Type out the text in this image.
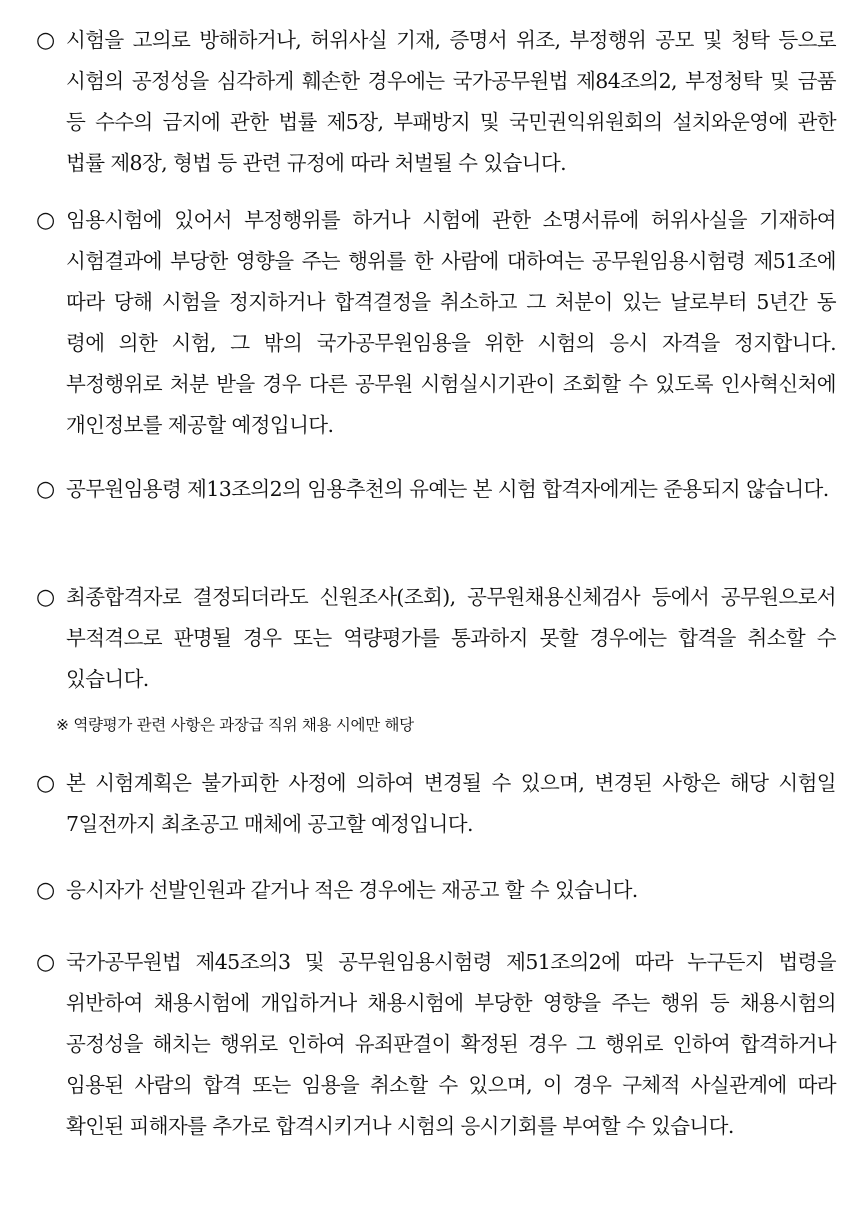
○ 시험을 고의로 방해하거나, 허위사실 기재, 증명서 위조, 부정행위 공모 및 청탁 등으로 시험의 공정성을 심각하게 훼손한 경우에는 국가공무원법 제84조의2, 부정청탁 및 금품 등 수수의 금지에 관한 법률 제5장, 부패방지 및 국민권익위원회의 설치와운영에 관한 법률 제8장, 형법 등 관련 규정에 따라 처벌될 수 있습니다.
○ 임용시험에 있어서 부정행위를 하거나 시험에 관한 소명서류에 허위사실을 기재하여 시험결과에 부당한 영향을 주는 행위를 한 사람에 대하여는 공무원임용시험령 제51조에 따라 당해 시험을 정지하거나 합격결정을 취소하고 그 처분이 있는 날로부터 5년간 동 령에 의한 시험, 그 밖의 국가공무원임용을 위한 시험의 응시 자격을 정지합니다. 부정행위로 처분 받을 경우 다른 공무원 시험실시기관이 조회할 수 있도록 인사혁신처에 개인정보를 제공할 예정입니다.
○ 공무원임용령 제13조의2의 임용추천의 유예는 본 시험 합격자에게는 준용되지 않습니다.
○ 최종합격자로 결정되더라도 신원조사(조회), 공무원채용신체검사 등에서 공무원으로서 부적격으로 판명될 경우 또는 역량평가를 통과하지 못할 경우에는 합격을 취소할 수 있습니다.
※ 역량평가 관련 사항은 과장급 직위 채용 시에만 해당
○ 본 시험계획은 불가피한 사정에 의하여 변경될 수 있으며, 변경된 사항은 해당 시험일 7일전까지 최초공고 매체에 공고할 예정입니다.
○ 응시자가 선발인원과 같거나 적은 경우에는 재공고 할 수 있습니다.
○ 국가공무원법 제45조의3 및 공무원임용시험령 제51조의2에 따라 누구든지 법령을 위반하여 채용시험에 개입하거나 채용시험에 부당한 영향을 주는 행위 등 채용시험의 공정성을 해치는 행위로 인하여 유죄판결이 확정된 경우 그 행위로 인하여 합격하거나 임용된 사람의 합격 또는 임용을 취소할 수 있으며, 이 경우 구체적 사실관계에 따라 확인된 피해자를 추가로 합격시키거나 시험의 응시기회를 부여할 수 있습니다.
